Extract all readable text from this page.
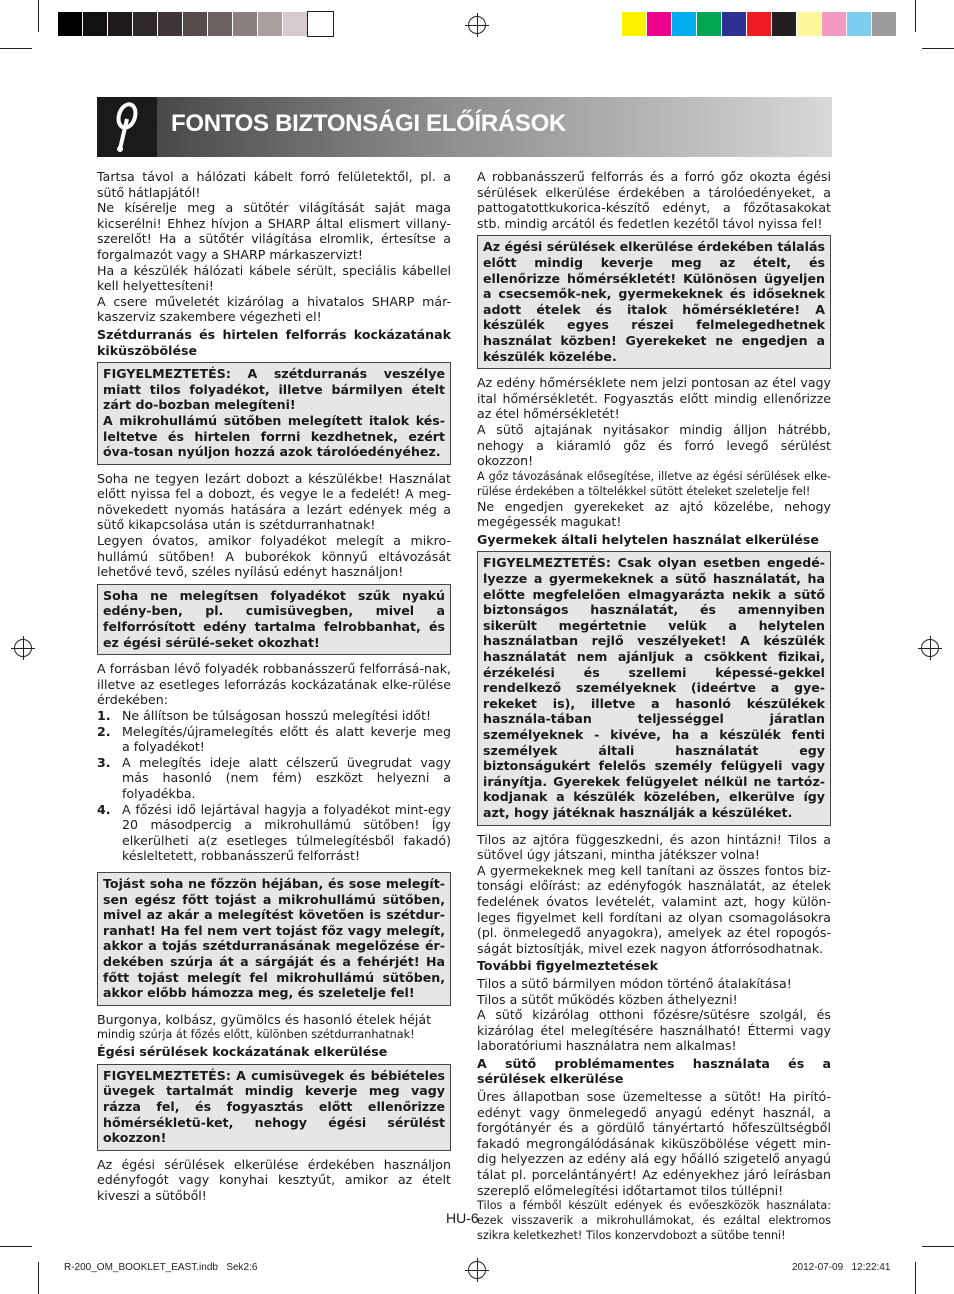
FONTOS BIZTONSÁGI ELŐÍRÁSOK

Tartsa távol a hálózati kábelt forró felületektől, pl. a sütő hátlapjától!

Ne kísérelje meg a sütőtér világítását saját maga kicserélni! Ehhez hívjon a SHARP által elismert villany-szerelőt! Ha a sütőtér világítása elromlik, értesítse a forgalmazót vagy a SHARP márkaszervizt!

Ha a készülék hálózati kábele sérült, speciális kábellel kell helyettesíteni!

A csere műveletét kizárólag a hivatalos SHARP már-kaszerviz szakembere végezheti el!

Szétdurranás és hirtelen felforrás kockázatának kiküszöbölése

FIGYELMEZTETÉS: A szétdurranás veszélye miatt tilos folyadékot, illetve bármilyen ételt zárt do-bozban melegíteni!

A mikrohullámú sütőben melegített italok kés-leltetve és hirtelen forrni kezdhetnek, ezért óva-tosan nyúljon hozzá azok tárolóedényéhez.

Soha ne tegyen lezárt dobozt a készülékbe! Használat előtt nyissa fel a dobozt, és vegye le a fedelét! A meg-növekedett nyomás hatására a lezárt edények még a sütő kikapcsolása után is szétdurranhatnak!

Legyen óvatos, amikor folyadékot melegít a mikro-hullámú sütőben! A buborékok könnyű eltávozását lehetővé tevő, széles nyílású edényt használjon!

Soha ne melegítsen folyadékot szűk nyakú edény-ben, pl. cumisüvegben, mivel a felforrósított edény tartalma felrobbanhat, és ez égési sérülé-seket okozhat!

A forrásban lévő folyadék robbanásszerű felforrásá-nak, illetve az esetleges leforrázás kockázatának elke-rülése érdekében:

1. Ne állítson be túlságosan hosszú melegítési időt!
2. Melegítés/újramelegítés előtt és alatt keverje meg a folyadékot!
3. A melegítés ideje alatt célszerű üvegrudat vagy más hasonló (nem fém) eszközt helyezni a folyadékba.
4. A főzési idő lejártával hagyja a folyadékot mint-egy 20 másodpercig a mikrohullámú sütőben! Így elkerülheti a(z esetleges túlmelegítésből fakadó) késleltetett, robbanásszerű felforrást!

Tojást soha ne főzzön héjában, és sose melegít-sen egész főtt tojást a mikrohullámú sütőben, mivel az akár a melegítést követően is szétdur-ranhat! Ha fel nem vert tojást főz vagy melegít, akkor a tojás szétdurranásának megelőzése ér-dekében szúrja át a sárgáját és a fehérjét! Ha főtt tojást melegít fel mikrohullámú sütőben, akkor előbb hámozza meg, és szeletelje fel!

Burgonya, kolbász, gyümölcs és hasonló ételek héját

mindig szúrja át főzés előtt, különben szétdurranhatnak!

Égési sérülések kockázatának elkerülése

FIGYELMEZTETÉS: A cumisüvegek és bébiételes üvegek tartalmát mindig keverje meg vagy rázza fel, és fogyasztás előtt ellenőrizze hőmérsékletü-ket, nehogy égési sérülést okozzon!

Az égési sérülések elkerülése érdekében használjon edényfogót vagy konyhai kesztyűt, amikor az ételt kiveszi a sütőből!

A robbanásszerű felforrás és a forró gőz okozta égési sérülések elkerülése érdekében a tárolóedényeket, a pattogatottkukorica-készítő edényt, a főzőtasakokat stb. mindig arcától és fedetlen kezétől távol nyissa fel!

Az égési sérülések elkerülése érdekében tálalás előtt mindig keverje meg az ételt, és ellenőrizze hőmérsékletét! Különösen ügyeljen a csecsemők-nek, gyermekeknek és időseknek adott ételek és italok hőmérsékletére! A készülék egyes részei felmelegedhetnek használat közben! Gyerekeket ne engedjen a készülék közelébe.

Az edény hőmérséklete nem jelzi pontosan az étel vagy ital hőmérsékletét. Fogyasztás előtt mindig ellenőrizze az étel hőmérsékletét!

A sütő ajtajának nyitásakor mindig álljon hátrébb, nehogy a kiáramló gőz és forró levegő sérülést okozzon!

A gőz távozásának elősegítése, illetve az égési sérülések elke-rülése érdekében a töltelékkel sütött ételeket szeletelje fel!

Ne engedjen gyerekeket az ajtó közelébe, nehogy megégessék magukat!

Gyermekek általi helytelen használat elkerülése

FIGYELMEZTETÉS: Csak olyan esetben engedé-lyezze a gyermekeknek a sütő használatát, ha előtte megfelelően elmagyarázta nekik a sütő biztonságos használatát, és amennyiben sikerült megértetnie velük a helytelen használatban rejlő veszélyeket! A készülék használatát nem ajánljuk a csökkent fizikai, érzékelési és szellemi képessé-gekkel rendelkező személyeknek (ideértve a gye-rekeket is), illetve a hasonló készülékek használa-tában teljességgel járatlan személyeknek - kivéve, ha a készülék fenti személyek általi használatát egy biztonságukért felelős személy felügyeli vagy irányítja. Gyerekek felügyelet nélkül ne tartóz-kodjanak a készülék közelében, elkerülve így azt, hogy játéknak használják a készüléket.

Tilos az ajtóra függeszkedni, és azon hintázni! Tilos a sütővel úgy játszani, mintha játékszer volna!

A gyermekeknek meg kell tanítani az összes fontos biz-tonsági előírást: az edényfogók használatát, az ételek fedelének óvatos levételét, valamint azt, hogy külön-leges figyelmet kell fordítani az olyan csomagolásokra (pl. önmelegedő anyagokra), amelyek az étel ropogós-ságát biztosítják, mivel ezek nagyon átforrósodhatnak.

További figyelmeztetések

Tilos a sütő bármilyen módon történő átalakítása!

Tilos a sütőt működés közben áthelyezni!

A sütő kizárólag otthoni főzésre/sütésre szolgál, és kizárólag étel melegítésére használható! Éttermi vagy laboratóriumi használatra nem alkalmas!

A sütő problémamentes használata és a sérülések elkerülése

Üres állapotban sose üzemeltesse a sütőt! Ha pirító-edényt vagy önmelegedő anyagú edényt használ, a forgótányér és a gördülő tányértartó hőfeszültségből fakadó megrongálódásának kiküszöbölése végett min-dig helyezzen az edény alá egy hőálló szigetelő anyagú tálat pl. porcelántányért! Az edényekhez járó leírásban szereplő előmelegítési időtartamot tilos túllépni!

Tilos a fémből készült edények és evőeszközök használata: ezek visszaverik a mikrohullámokat, és ezáltal elektromos szikra keletkezhet! Tilos konzervdobozt a sütőbe tenni!

HU-6
R-200_OM_BOOKLET_EAST.indb Sek2:6	2012-07-09 12:22:41
